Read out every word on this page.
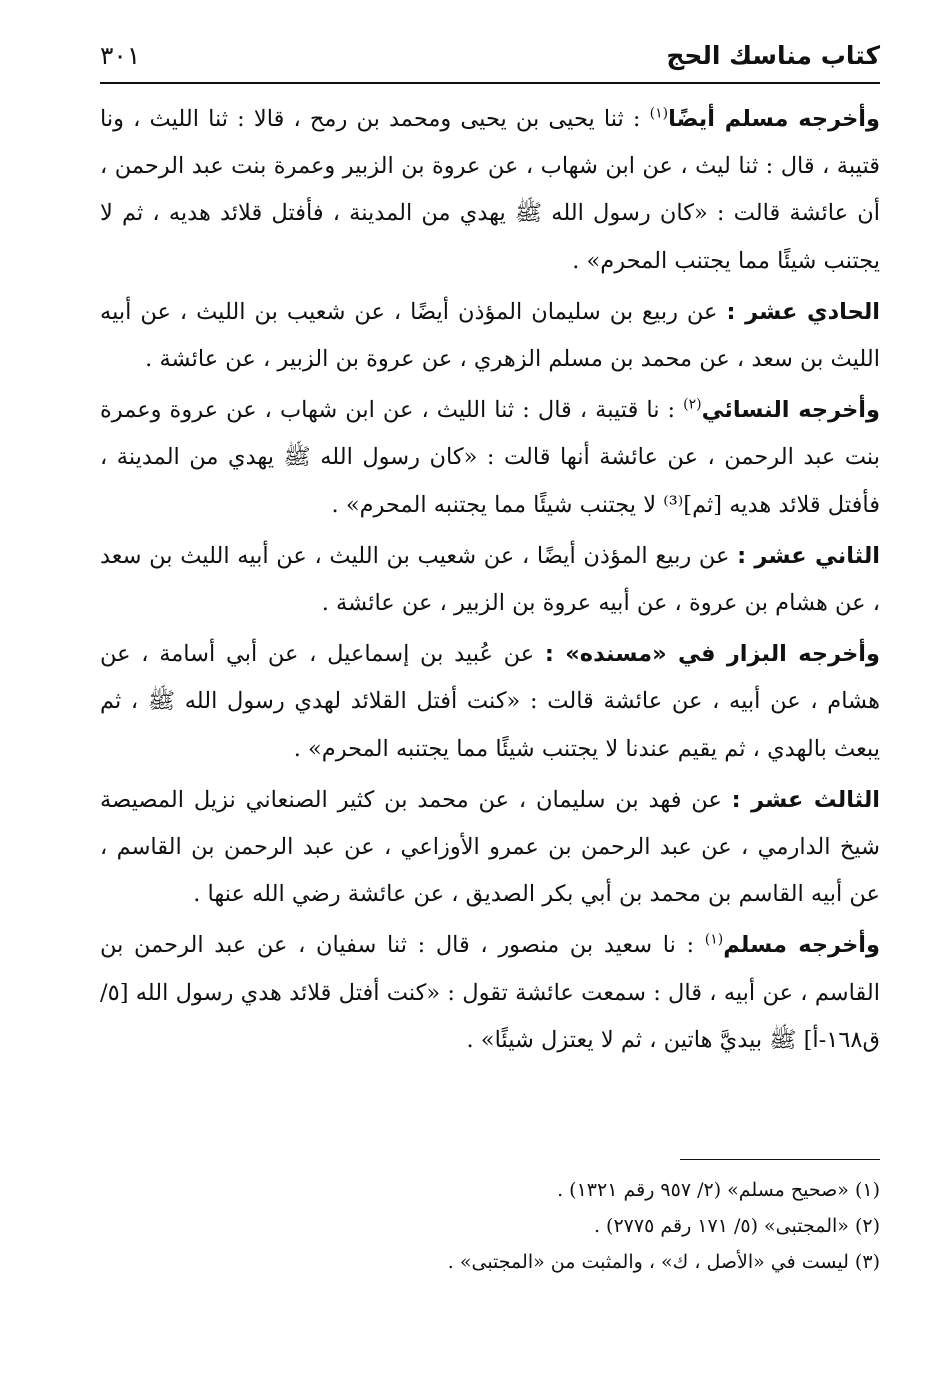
كتاب مناسك الحج
٣٠١

وأخرجه مسلم أيضًا$^{(١)}$ : ثنا يحيى بن يحيى ومحمد بن رمح ، قالا : ثنا الليث ، ونا قتيبة ، قال : ثنا ليث ، عن ابن شهاب ، عن عروة بن الزبير وعمرة بنت عبد الرحمن ، أن عائشة قالت : «كان رسول الله ﷺ يهدي من المدينة ، فأفتل قلائد هديه ، ثم لا يجتنب شيئًا مما يجتنب المحرم» .

الحادي عشر : عن ربيع بن سليمان المؤذن أيضًا ، عن شعيب بن الليث ، عن أبيه الليث بن سعد ، عن محمد بن مسلم الزهري ، عن عروة بن الزبير ، عن عائشة .

وأخرجه النسائي$^{(٢)}$ : نا قتيبة ، قال : ثنا الليث ، عن ابن شهاب ، عن عروة وعمرة بنت عبد الرحمن ، عن عائشة أنها قالت : «كان رسول الله ﷺ يهدي من المدينة ، فأفتل قلائد هديه [ثم]⁽³⁾ لا يجتنب شيئًا مما يجتنبه المحرم» .

الثاني عشر : عن ربيع المؤذن أيضًا ، عن شعيب بن الليث ، عن أبيه الليث بن سعد ، عن هشام بن عروة ، عن أبيه عروة بن الزبير ، عن عائشة .

وأخرجه البزار في «مسنده» : عن عُبيد بن إسماعيل ، عن أبي أسامة ، عن هشام ، عن أبيه ، عن عائشة قالت : «كنت أفتل القلائد لهدي رسول الله ﷺ ، ثم يبعث بالهدي ، ثم يقيم عندنا لا يجتنب شيئًا مما يجتنبه المحرم» .

الثالث عشر : عن فهد بن سليمان ، عن محمد بن كثير الصنعاني نزيل المصيصة شيخ الدارمي ، عن عبد الرحمن بن عمرو الأوزاعي ، عن عبد الرحمن بن القاسم ، عن أبيه القاسم بن محمد بن أبي بكر الصديق ، عن عائشة رضي الله عنها .

وأخرجه مسلم$^{(١)}$ : نا سعيد بن منصور ، قال : ثنا سفيان ، عن عبد الرحمن بن القاسم ، عن أبيه ، قال : سمعت عائشة تقول : «كنت أفتل قلائد هدي رسول الله [٥/ ق١٦٨-أ] ﷺ بيديَّ هاتين ، ثم لا يعتزل شيئًا» .

(١) «صحيح مسلم» (٢/ ٩٥٧ رقم ١٣٢١) .

(٢) «المجتبى» (٥/ ١٧١ رقم ٢٧٧٥) .

(٣) ليست في «الأصل ، ك» ، والمثبت من «المجتبى» .
